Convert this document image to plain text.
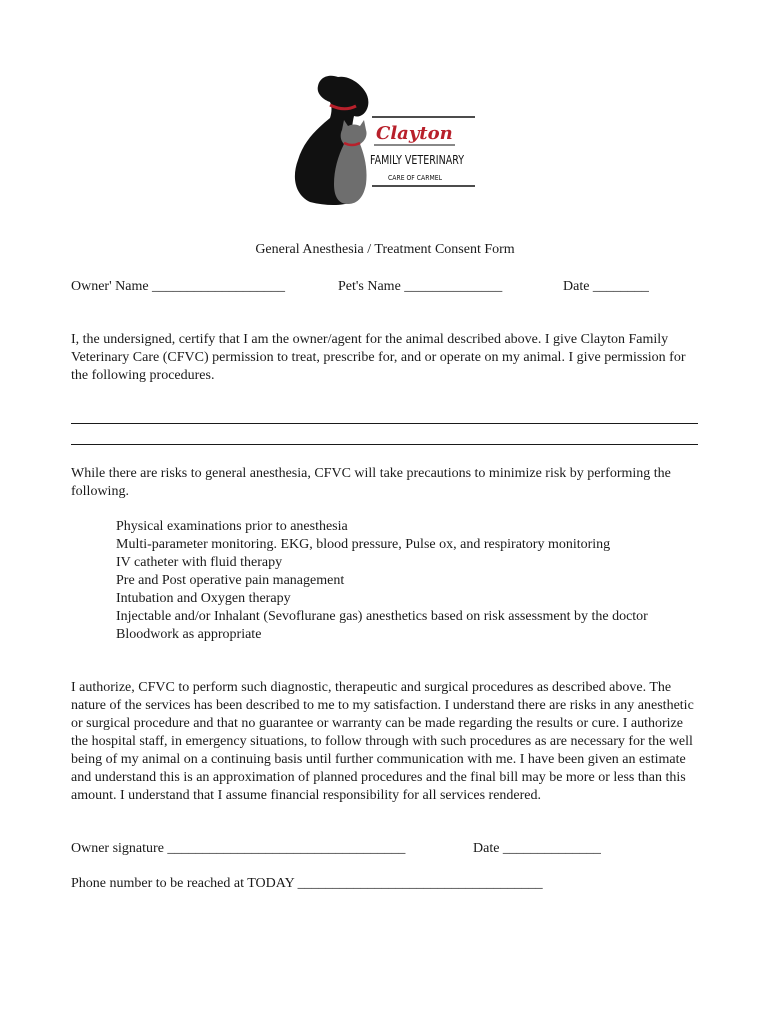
Clayton
FAMILY VETERINARY
CARE OF CARMEL
General Anesthesia / Treatment Consent Form
Owner' Name ___________________	Pet's Name ______________	Date ________

I, the undersigned, certify that I am the owner/agent for the animal described above. I give Clayton Family Veterinary Care (CFVC) permission to treat, prescribe for, and or operate on my animal. I give permission for the following procedures.

While there are risks to general anesthesia, CFVC will take precautions to minimize risk by performing the following.

Physical examinations prior to anesthesia
Multi-parameter monitoring. EKG, blood pressure, Pulse ox, and respiratory monitoring
IV catheter with fluid therapy
Pre and Post operative pain management
Intubation and Oxygen therapy
Injectable and/or Inhalant (Sevoflurane gas) anesthetics based on risk assessment by the doctor
Bloodwork as appropriate

I authorize, CFVC to perform such diagnostic, therapeutic and surgical procedures as described above. The nature of the services has been described to me to my satisfaction. I understand there are risks in any anesthetic or surgical procedure and that no guarantee or warranty can be made regarding the results or cure. I authorize the hospital staff, in emergency situations, to follow through with such procedures as are necessary for the well being of my animal on a continuing basis until further communication with me. I have been given an estimate and understand this is an approximation of planned procedures and the final bill may be more or less than this amount. I understand that I assume financial responsibility for all services rendered.

Owner signature __________________________________	Date ______________
Phone number to be reached at TODAY ___________________________________
